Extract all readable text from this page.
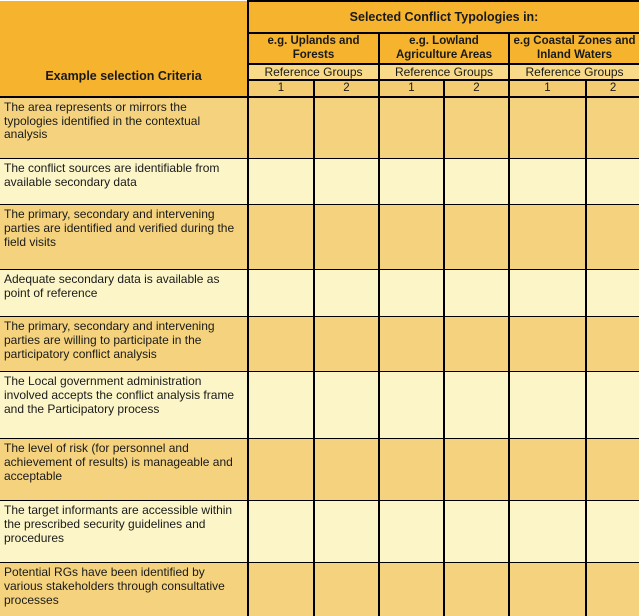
Example selection Criteria	Selected Conflict Typologies in:					
	e.g. Uplands and Forests		e.g. Lowland Agriculture Areas		e.g Coastal Zones and Inland Waters	
	Reference Groups		Reference Groups		Reference Groups	
	1	2	1	2	1	2
The area represents or mirrors the typologies identified in the contextual analysis						
The conflict sources are identifiable from available secondary data						
The primary, secondary and intervening parties are identified and verified during the field visits						
Adequate secondary data is available as point of reference						
The primary, secondary and intervening parties are willing to participate in the participatory conflict analysis						
The Local government administration involved accepts the conflict analysis frame and the Participatory process						
The level of risk (for personnel and achievement of results) is manageable and acceptable						
The target informants are accessible within the prescribed security guidelines and procedures						
Potential RGs have been identified by various stakeholders through consultative processes						
